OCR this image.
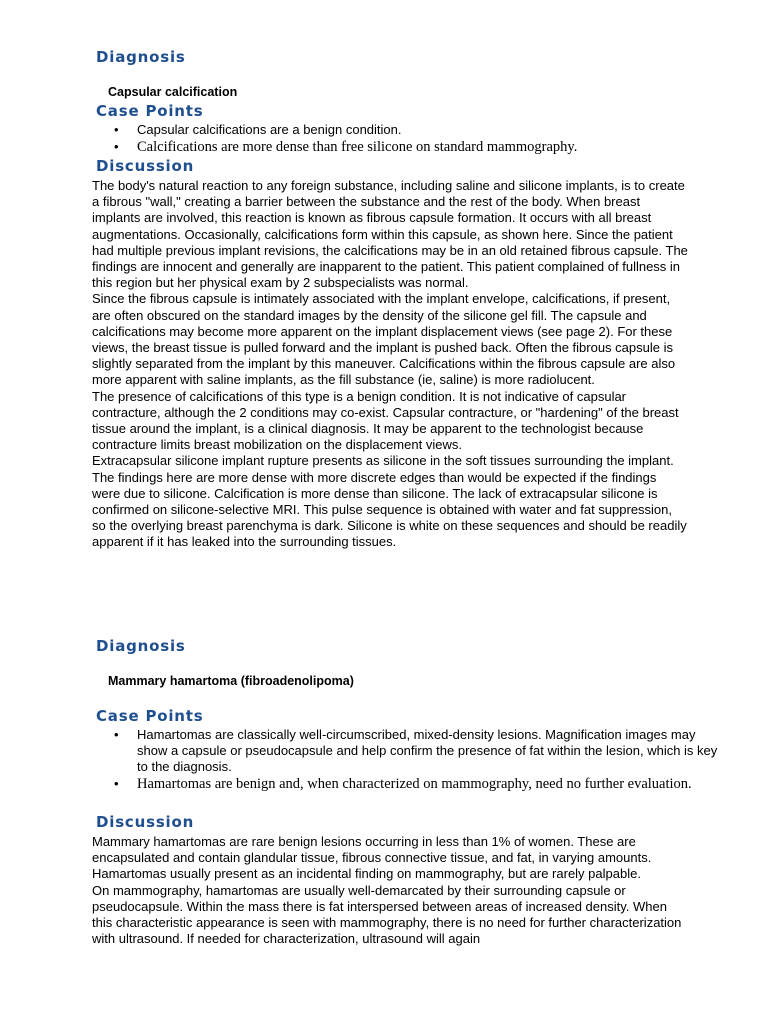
Diagnosis
Capsular calcification
Case Points
• Capsular calcifications are a benign condition.
• Calcifications are more dense than free silicone on standard mammography.
Discussion

The body's natural reaction to any foreign substance, including saline and silicone implants, is to create a fibrous "wall," creating a barrier between the substance and the rest of the body. When breast implants are involved, this reaction is known as fibrous capsule formation. It occurs with all breast augmentations. Occasionally, calcifications form within this capsule, as shown here. Since the patient had multiple previous implant revisions, the calcifications may be in an old retained fibrous capsule. The findings are innocent and generally are inapparent to the patient. This patient complained of fullness in this region but her physical exam by 2 subspecialists was normal.

Since the fibrous capsule is intimately associated with the implant envelope, calcifications, if present, are often obscured on the standard images by the density of the silicone gel fill. The capsule and calcifications may become more apparent on the implant displacement views (see page 2). For these views, the breast tissue is pulled forward and the implant is pushed back. Often the fibrous capsule is slightly separated from the implant by this maneuver. Calcifications within the fibrous capsule are also more apparent with saline implants, as the fill substance (ie, saline) is more radiolucent.

The presence of calcifications of this type is a benign condition. It is not indicative of capsular contracture, although the 2 conditions may co-exist. Capsular contracture, or "hardening" of the breast tissue around the implant, is a clinical diagnosis. It may be apparent to the technologist because contracture limits breast mobilization on the displacement views.

Extracapsular silicone implant rupture presents as silicone in the soft tissues surrounding the implant. The findings here are more dense with more discrete edges than would be expected if the findings were due to silicone. Calcification is more dense than silicone. The lack of extracapsular silicone is confirmed on silicone-selective MRI. This pulse sequence is obtained with water and fat suppression, so the overlying breast parenchyma is dark. Silicone is white on these sequences and should be readily apparent if it has leaked into the surrounding tissues.

Diagnosis
Mammary hamartoma (fibroadenolipoma)
Case Points
• Hamartomas are classically well-circumscribed, mixed-density lesions. Magnification images may show a capsule or pseudocapsule and help confirm the presence of fat within the lesion, which is key to the diagnosis.
• Hamartomas are benign and, when characterized on mammography, need no further evaluation.
Discussion

Mammary hamartomas are rare benign lesions occurring in less than 1% of women. These are encapsulated and contain glandular tissue, fibrous connective tissue, and fat, in varying amounts. Hamartomas usually present as an incidental finding on mammography, but are rarely palpable.

On mammography, hamartomas are usually well-demarcated by their surrounding capsule or pseudocapsule. Within the mass there is fat interspersed between areas of increased density. When this characteristic appearance is seen with mammography, there is no need for further characterization with ultrasound. If needed for characterization, ultrasound will again
